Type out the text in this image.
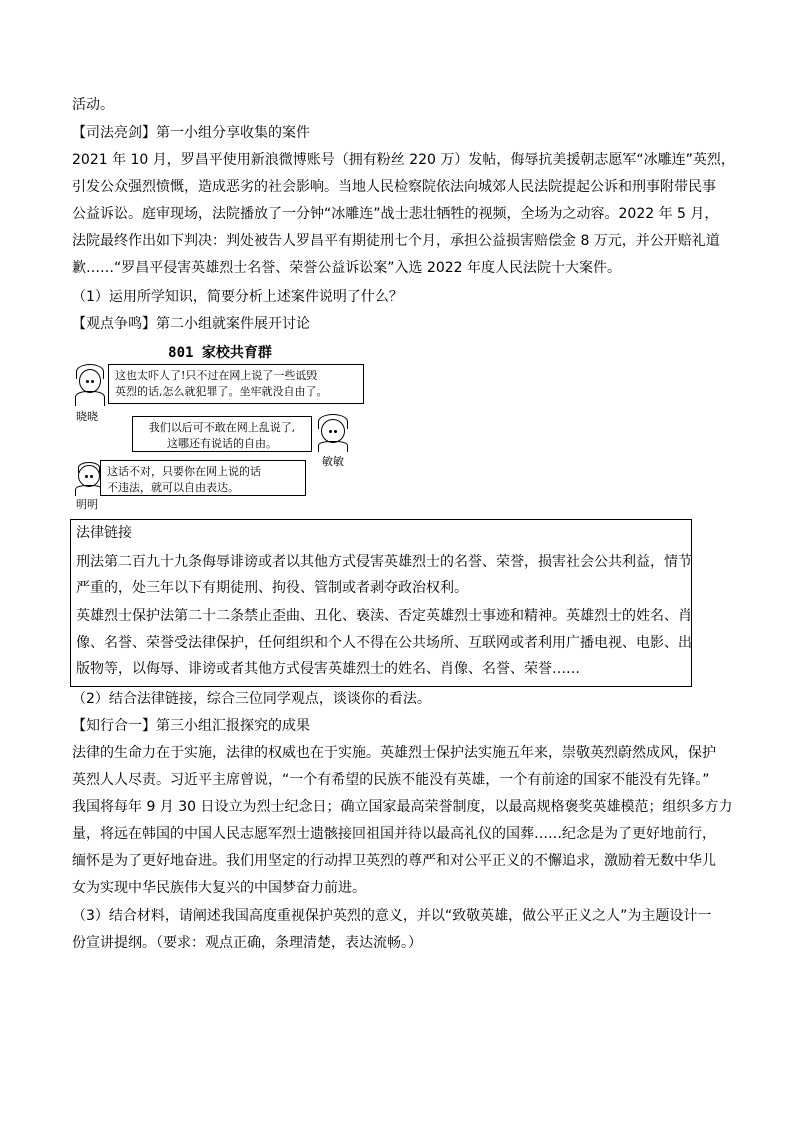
活动。

【司法亮剑】第一小组分享收集的案件

2021 年 10 月，罗昌平使用新浪微博账号（拥有粉丝 220 万）发帖，侮辱抗美援朝志愿军“冰雕连”英烈，

引发公众强烈愤慨，造成恶劣的社会影响。当地人民检察院依法向城郊人民法院提起公诉和刑事附带民事

公益诉讼。庭审现场，法院播放了一分钟“冰雕连”战士悲壮牺牲的视频，全场为之动容。2022 年 5 月，

法院最终作出如下判决：判处被告人罗昌平有期徒刑七个月，承担公益损害赔偿金 8 万元，并公开赔礼道

歉……“罗昌平侵害英雄烈士名誉、荣誉公益诉讼案”入选 2022 年度人民法院十大案件。

（1）运用所学知识，简要分析上述案件说明了什么？

【观点争鸣】第二小组就案件展开讨论

801 家校共育群
晓晓
这也太吓人了!只不过在网上说了一些诋毁
英烈的话,怎么就犯罪了。坐牢就没自由了。
我们以后可不敢在网上乱说了,
这哪还有说话的自由。
敏敏
明明
这话不对，只要你在网上说的话
不违法，就可以自由表达。

法律链接

刑法第二百九十九条侮辱诽谤或者以其他方式侵害英雄烈士的名誉、荣誉，损害社会公共利益，情节

严重的，处三年以下有期徒刑、拘役、管制或者剥夺政治权利。

英雄烈士保护法第二十二条禁止歪曲、丑化、亵渎、否定英雄烈士事迹和精神。英雄烈士的姓名、肖

像、名誉、荣誉受法律保护，任何组织和个人不得在公共场所、互联网或者利用广播电视、电影、出

版物等，以侮辱、诽谤或者其他方式侵害英雄烈士的姓名、肖像、名誉、荣誉……

（2）结合法律链接，综合三位同学观点，谈谈你的看法。

【知行合一】第三小组汇报探究的成果

法律的生命力在于实施，法律的权威也在于实施。英雄烈士保护法实施五年来，崇敬英烈蔚然成风，保护

英烈人人尽责。习近平主席曾说，“一个有希望的民族不能没有英雄，一个有前途的国家不能没有先锋。”

我国将每年 9 月 30 日设立为烈士纪念日；确立国家最高荣誉制度，以最高规格褒奖英雄模范；组织多方力

量，将远在韩国的中国人民志愿军烈士遗骸接回祖国并待以最高礼仪的国葬……纪念是为了更好地前行，

缅怀是为了更好地奋进。我们用坚定的行动捍卫英烈的尊严和对公平正义的不懈追求，激励着无数中华儿

女为实现中华民族伟大复兴的中国梦奋力前进。

（3）结合材料，请阐述我国高度重视保护英烈的意义，并以“致敬英雄，做公平正义之人”为主题设计一

份宣讲提纲。（要求：观点正确，条理清楚，表达流畅。）
